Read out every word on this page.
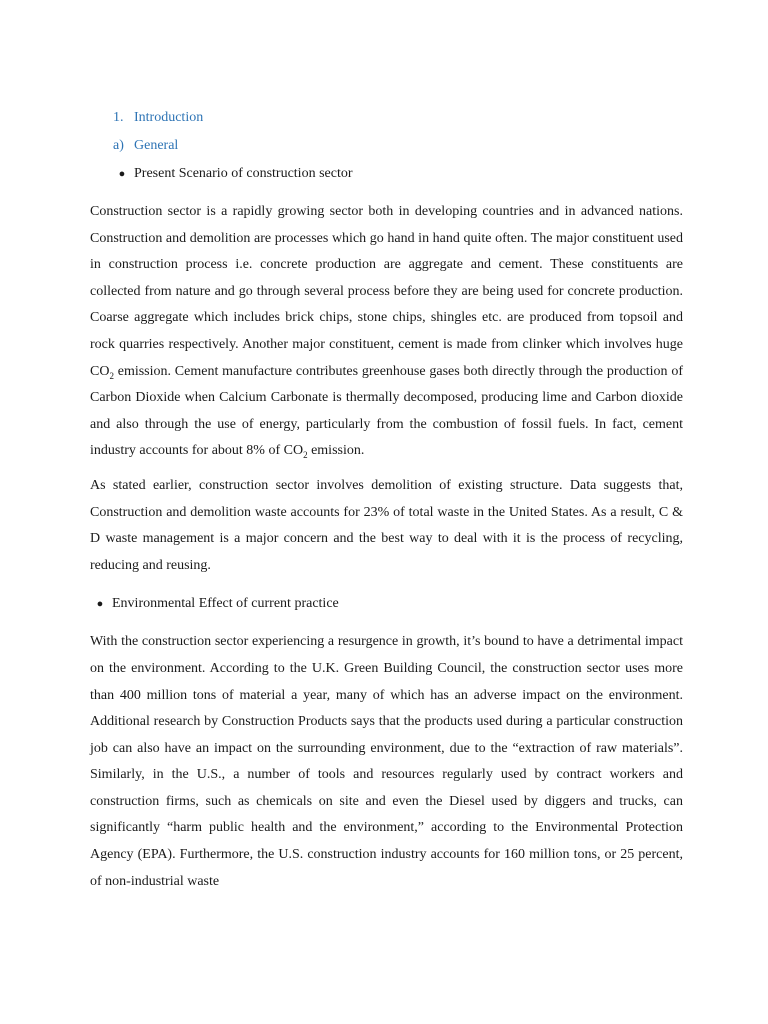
1. Introduction
a) General
● Present Scenario of construction sector

Construction sector is a rapidly growing sector both in developing countries and in advanced nations. Construction and demolition are processes which go hand in hand quite often. The major constituent used in construction process i.e. concrete production are aggregate and cement. These constituents are collected from nature and go through several process before they are being used for concrete production. Coarse aggregate which includes brick chips, stone chips, shingles etc. are produced from topsoil and rock quarries respectively. Another major constituent, cement is made from clinker which involves huge $CO_2$ emission. Cement manufacture contributes greenhouse gases both directly through the production of Carbon Dioxide when Calcium Carbonate is thermally decomposed, producing lime and Carbon dioxide and also through the use of energy, particularly from the combustion of fossil fuels. In fact, cement industry accounts for about 8% of $CO_2$ emission.

As stated earlier, construction sector involves demolition of existing structure. Data suggests that, Construction and demolition waste accounts for 23% of total waste in the United States. As a result, C & D waste management is a major concern and the best way to deal with it is the process of recycling, reducing and reusing.

● Environmental Effect of current practice

With the construction sector experiencing a resurgence in growth, it’s bound to have a detrimental impact on the environment. According to the U.K. Green Building Council, the construction sector uses more than 400 million tons of material a year, many of which has an adverse impact on the environment. Additional research by Construction Products says that the products used during a particular construction job can also have an impact on the surrounding environment, due to the “extraction of raw materials”. Similarly, in the U.S., a number of tools and resources regularly used by contract workers and construction firms, such as chemicals on site and even the Diesel used by diggers and trucks, can significantly “harm public health and the environment,” according to the Environmental Protection Agency (EPA). Furthermore, the U.S. construction industry accounts for 160 million tons, or 25 percent, of non-industrial waste
